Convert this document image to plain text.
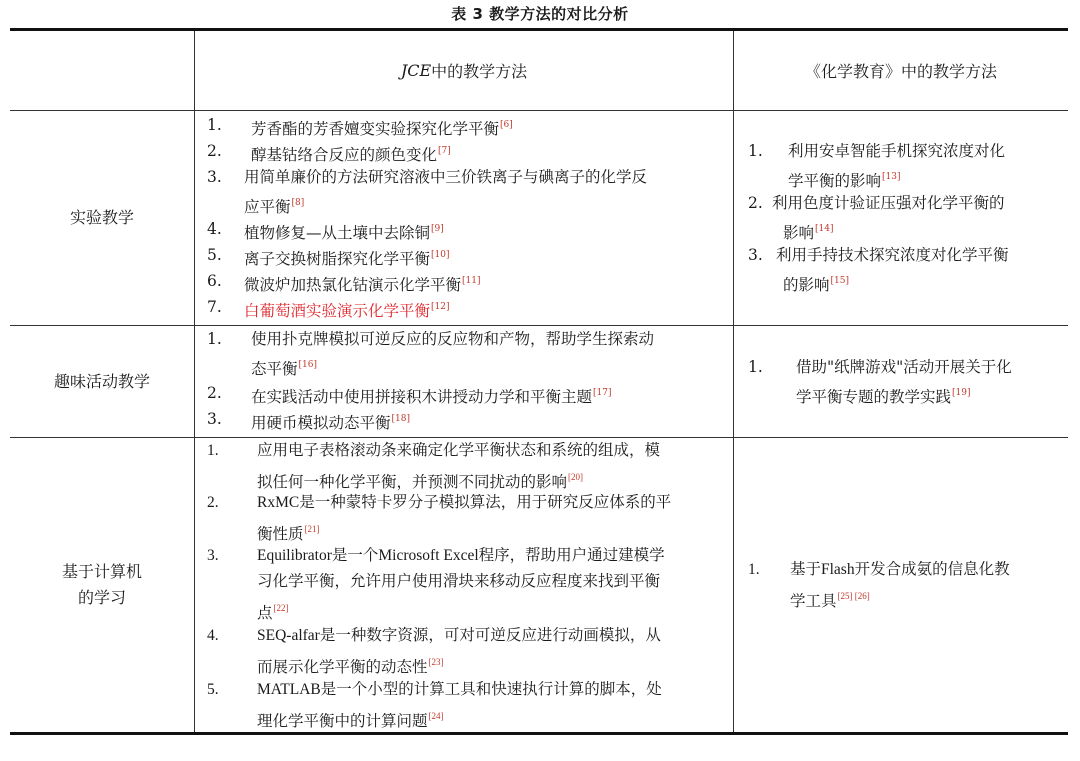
表 3 教学方法的对比分析
JCE 中的教学方法	《化学教育》中的教学方法
实验教学
1. 芳香酯的芳香嬗变实验探究化学平衡[6]
2. 醇基钴络合反应的颜色变化[7]
3. 用简单廉价的方法研究溶液中三价铁离子与碘离子的化学反
应平衡[8]
4. 植物修复—从土壤中去除铜[9]
5. 离子交换树脂探究化学平衡[10]
6. 微波炉加热氯化钴演示化学平衡[11]
7. 白葡萄酒实验演示化学平衡[12]
1. 利用安卓智能手机探究浓度对化
学平衡的影响[13]
2. 利用色度计验证压强对化学平衡的
影响[14]
3. 利用手持技术探究浓度对化学平衡
的影响[15]
趣味活动教学
1. 使用扑克牌模拟可逆反应的反应物和产物，帮助学生探索动
态平衡[16]
2. 在实践活动中使用拼接积木讲授动力学和平衡主题[17]
3. 用硬币模拟动态平衡[18]
1. 借助"纸牌游戏"活动开展关于化
学平衡专题的教学实践[19]
基于计算机
的学习
1. 应用电子表格滚动条来确定化学平衡状态和系统的组成，模
拟任何一种化学平衡，并预测不同扰动的影响[20]
2. RxMC是一种蒙特卡罗分子模拟算法，用于研究反应体系的平
衡性质[21]
3. Equilibrator是一个Microsoft Excel程序，帮助用户通过建模学
习化学平衡，允许用户使用滑块来移动反应程度来找到平衡
点[22]
4. SEQ-alfar是一种数字资源，可对可逆反应进行动画模拟，从
而展示化学平衡的动态性[23]
5. MATLAB是一个小型的计算工具和快速执行计算的脚本，处
理化学平衡中的计算问题[24]
1. 基于Flash开发合成氨的信息化教
学工具[25] [26]
